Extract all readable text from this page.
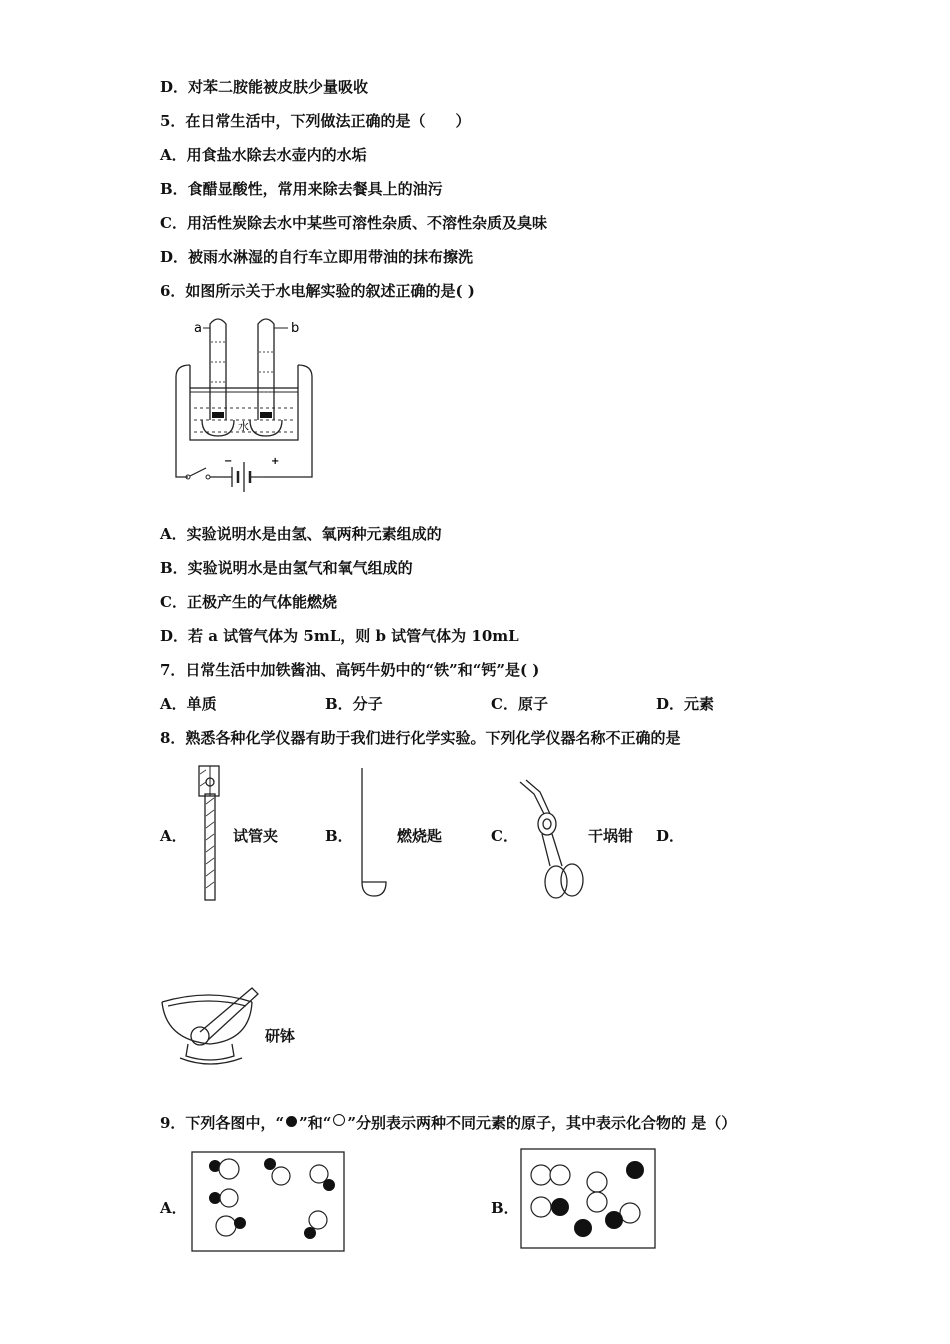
D．对苯二胺能被皮肤少量吸收
5．在日常生活中，下列做法正确的是（　　）
A．用食盐水除去水壶内的水垢
B．食醋显酸性，常用来除去餐具上的油污
C．用活性炭除去水中某些可溶性杂质、不溶性杂质及臭味
D．被雨水淋湿的自行车立即用带油的抹布擦洗
6．如图所示关于水电解实验的叙述正确的是( )
−	+
水
a	b
A．实验说明水是由氢、氧两种元素组成的
B．实验说明水是由氢气和氧气组成的
C．正极产生的气体能燃烧
D．若 a 试管气体为 5mL，则 b 试管气体为 10mL
7．日常生活中加铁酱油、高钙牛奶中的“铁”和“钙”是( )
A．单质	B．分子	C．原子	D．元素
8．熟悉各种化学仪器有助于我们进行化学实验。下列化学仪器名称不正确的是
A．	试管夹	B．	燃烧匙	C．	干埚钳 D．
研钵
9．下列各图中，“ ”和“ ”分别表示两种不同元素的原子，其中表示化合物的 是（）
A．	B．
